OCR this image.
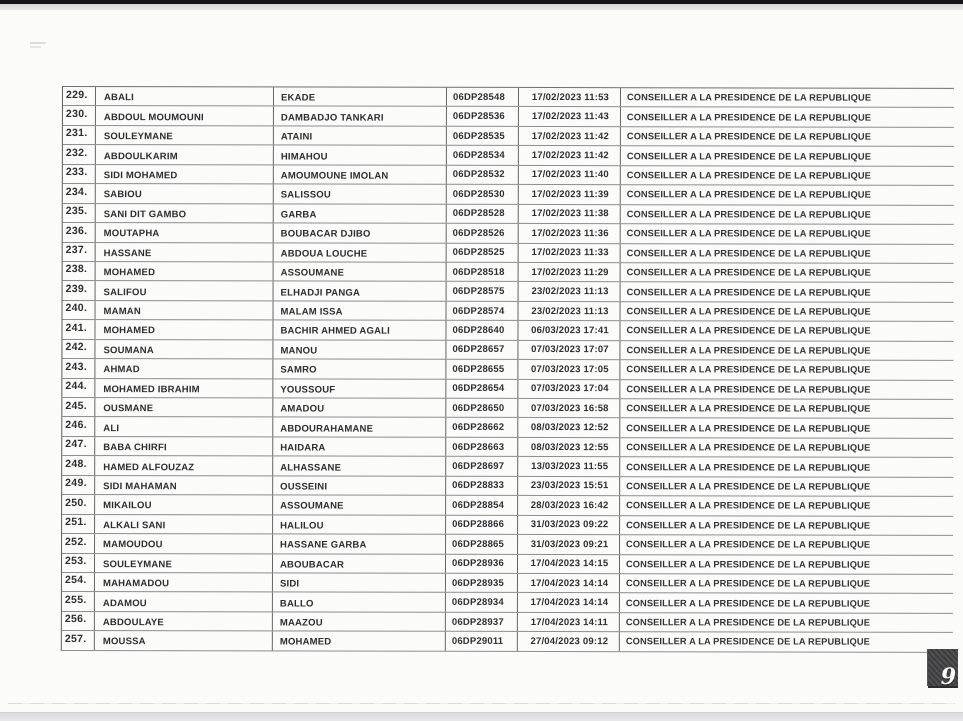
229.	ABALI	EKADE	06DP28548	17/02/2023 11:53	CONSEILLER A LA PRESIDENCE DE LA REPUBLIQUE
230.	ABDOUL MOUMOUNI	DAMBADJO TANKARI	06DP28536	17/02/2023 11:43	CONSEILLER A LA PRESIDENCE DE LA REPUBLIQUE
231.	SOULEYMANE	ATAINI	06DP28535	17/02/2023 11:42	CONSEILLER A LA PRESIDENCE DE LA REPUBLIQUE
232.	ABDOULKARIM	HIMAHOU	06DP28534	17/02/2023 11:42	CONSEILLER A LA PRESIDENCE DE LA REPUBLIQUE
233.	SIDI MOHAMED	AMOUMOUNE IMOLAN	06DP28532	17/02/2023 11:40	CONSEILLER A LA PRESIDENCE DE LA REPUBLIQUE
234.	SABIOU	SALISSOU	06DP28530	17/02/2023 11:39	CONSEILLER A LA PRESIDENCE DE LA REPUBLIQUE
235.	SANI DIT GAMBO	GARBA	06DP28528	17/02/2023 11:38	CONSEILLER A LA PRESIDENCE DE LA REPUBLIQUE
236.	MOUTAPHA	BOUBACAR DJIBO	06DP28526	17/02/2023 11:36	CONSEILLER A LA PRESIDENCE DE LA REPUBLIQUE
237.	HASSANE	ABDOUA LOUCHE	06DP28525	17/02/2023 11:33	CONSEILLER A LA PRESIDENCE DE LA REPUBLIQUE
238.	MOHAMED	ASSOUMANE	06DP28518	17/02/2023 11:29	CONSEILLER A LA PRESIDENCE DE LA REPUBLIQUE
239.	SALIFOU	ELHADJI PANGA	06DP28575	23/02/2023 11:13	CONSEILLER A LA PRESIDENCE DE LA REPUBLIQUE
240.	MAMAN	MALAM ISSA	06DP28574	23/02/2023 11:13	CONSEILLER A LA PRESIDENCE DE LA REPUBLIQUE
241.	MOHAMED	BACHIR AHMED AGALI	06DP28640	06/03/2023 17:41	CONSEILLER A LA PRESIDENCE DE LA REPUBLIQUE
242.	SOUMANA	MANOU	06DP28657	07/03/2023 17:07	CONSEILLER A LA PRESIDENCE DE LA REPUBLIQUE
243.	AHMAD	SAMRO	06DP28655	07/03/2023 17:05	CONSEILLER A LA PRESIDENCE DE LA REPUBLIQUE
244.	MOHAMED IBRAHIM	YOUSSOUF	06DP28654	07/03/2023 17:04	CONSEILLER A LA PRESIDENCE DE LA REPUBLIQUE
245.	OUSMANE	AMADOU	06DP28650	07/03/2023 16:58	CONSEILLER A LA PRESIDENCE DE LA REPUBLIQUE
246.	ALI	ABDOURAHAMANE	06DP28662	08/03/2023 12:52	CONSEILLER A LA PRESIDENCE DE LA REPUBLIQUE
247.	BABA CHIRFI	HAIDARA	06DP28663	08/03/2023 12:55	CONSEILLER A LA PRESIDENCE DE LA REPUBLIQUE
248.	HAMED ALFOUZAZ	ALHASSANE	06DP28697	13/03/2023 11:55	CONSEILLER A LA PRESIDENCE DE LA REPUBLIQUE
249.	SIDI MAHAMAN	OUSSEINI	06DP28833	23/03/2023 15:51	CONSEILLER A LA PRESIDENCE DE LA REPUBLIQUE
250.	MIKAILOU	ASSOUMANE	06DP28854	28/03/2023 16:42	CONSEILLER A LA PRESIDENCE DE LA REPUBLIQUE
251.	ALKALI SANI	HALILOU	06DP28866	31/03/2023 09:22	CONSEILLER A LA PRESIDENCE DE LA REPUBLIQUE
252.	MAMOUDOU	HASSANE GARBA	06DP28865	31/03/2023 09:21	CONSEILLER A LA PRESIDENCE DE LA REPUBLIQUE
253.	SOULEYMANE	ABOUBACAR	06DP28936	17/04/2023 14:15	CONSEILLER A LA PRESIDENCE DE LA REPUBLIQUE
254.	MAHAMADOU	SIDI	06DP28935	17/04/2023 14:14	CONSEILLER A LA PRESIDENCE DE LA REPUBLIQUE
255.	ADAMOU	BALLO	06DP28934	17/04/2023 14:14	CONSEILLER A LA PRESIDENCE DE LA REPUBLIQUE
256.	ABDOULAYE	MAAZOU	06DP28937	17/04/2023 14:11	CONSEILLER A LA PRESIDENCE DE LA REPUBLIQUE
257.	MOUSSA	MOHAMED	06DP29011	27/04/2023 09:12	CONSEILLER A LA PRESIDENCE DE LA REPUBLIQUE
9
